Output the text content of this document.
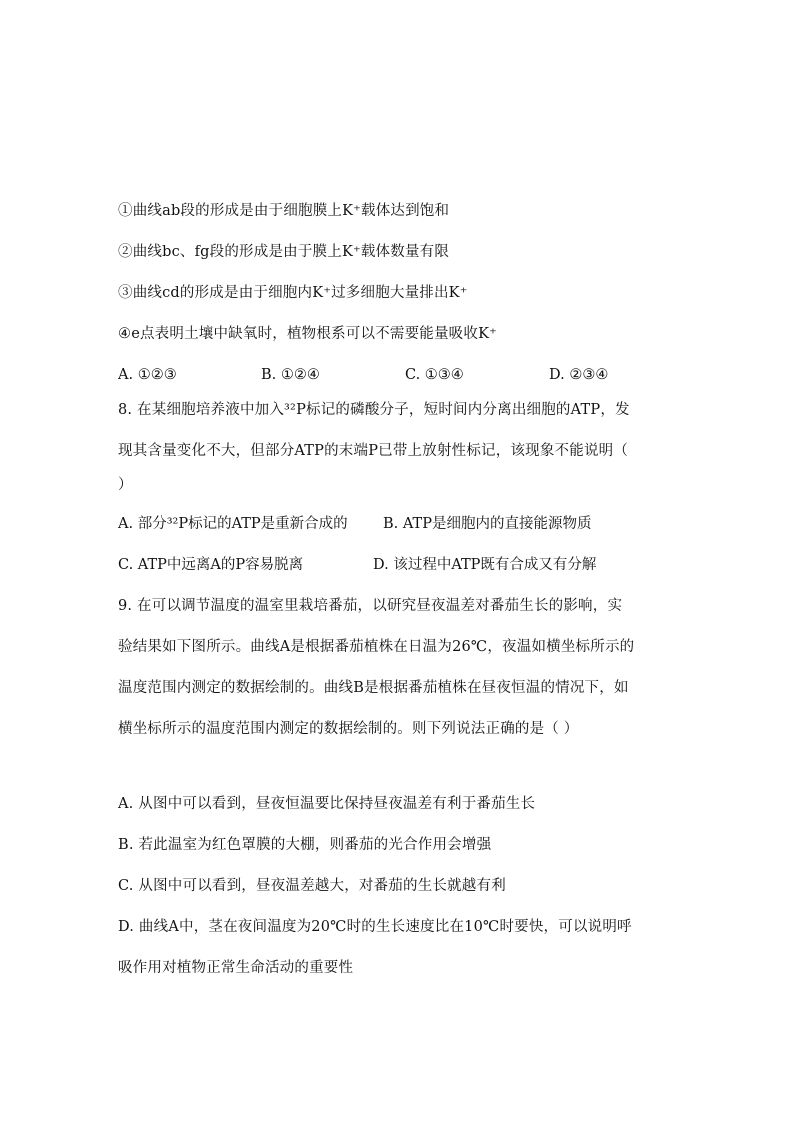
①曲线ab段的形成是由于细胞膜上K⁺载体达到饱和
②曲线bc、fg段的形成是由于膜上K⁺载体数量有限
③曲线cd的形成是由于细胞内K⁺过多细胞大量排出K⁺
④e点表明土壤中缺氧时，植物根系可以不需要能量吸收K⁺
A. ①②③	B. ①②④	C. ①③④	D. ②③④
8. 在某细胞培养液中加入³²P标记的磷酸分子，短时间内分离出细胞的ATP，发
现其含量变化不大，但部分ATP的末端P已带上放射性标记，该现象不能说明（
）
A. 部分³²P标记的ATP是重新合成的 B. ATP是细胞内的直接能源物质
C. ATP中远离A的P容易脱离	D. 该过程中ATP既有合成又有分解
9. 在可以调节温度的温室里栽培番茄，以研究昼夜温差对番茄生长的影响，实
验结果如下图所示。曲线A是根据番茄植株在日温为26℃，夜温如横坐标所示的
温度范围内测定的数据绘制的。曲线B是根据番茄植株在昼夜恒温的情况下，如
横坐标所示的温度范围内测定的数据绘制的。则下列说法正确的是（ ）
A. 从图中可以看到，昼夜恒温要比保持昼夜温差有利于番茄生长
B. 若此温室为红色罩膜的大棚，则番茄的光合作用会增强
C. 从图中可以看到，昼夜温差越大，对番茄的生长就越有利
D. 曲线A中，茎在夜间温度为20℃时的生长速度比在10℃时要快，可以说明呼
吸作用对植物正常生命活动的重要性
